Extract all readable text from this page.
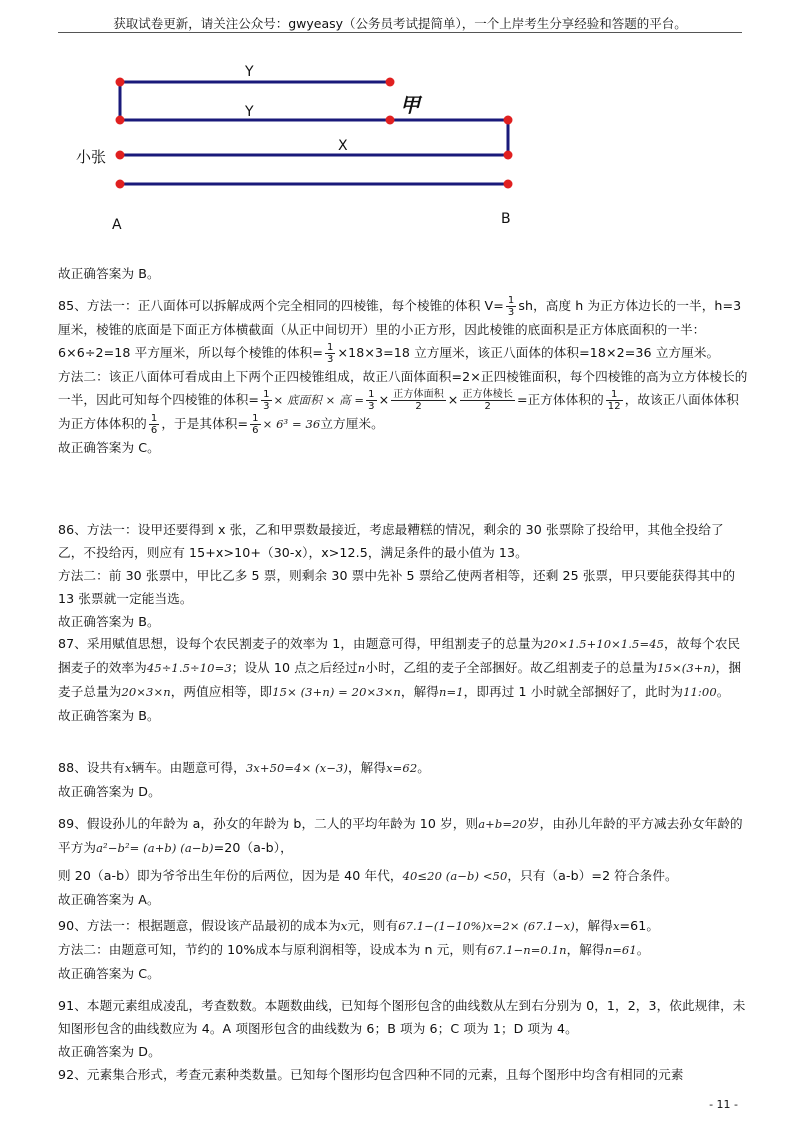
获取试卷更新，请关注公众号：gwyeasy（公务员考试提简单），一个上岸考生分享经验和答题的平台。
Y
Y
X
甲
小张
A	B

故正确答案为 B。

85、方法一：正八面体可以拆解成两个完全相同的四棱锥，每个棱锥的体积 $V= \frac{1}{3}$ sh，高度 h 为正方体边长的一半，h=3 厘米，棱锥的底面是下面正方体横截面（从正中间切开）里的小正方形，因此棱锥的底面积是正方体底面积的一半：6×6÷2=18 平方厘米，所以每个棱锥的体积= $\frac{1}{3} \times 18\times 3=18$ 立方厘米，该正八面体的体积=18×2=36 立方厘米。

方法二：该正八面体可看成由上下两个正四棱锥组成，故正八面体面积=2×正四棱锥面积，每个四棱锥的高为立方体棱长的一半，因此可知每个四棱锥的体积= $\frac{1}{3}$ × 底面积 × 高 = $\frac{1}{3} \times \frac{\text{正方体面积}}{2} \times \frac{\text{正方体棱长}}{2}$ =正方体体积的 $\frac{1}{12}$ ，故该正八面体体积为正方体体积的 $\frac{1}{6}$ ，于是其体积= $\frac{1}{6} \times 6^3 = 36$立方厘米。

故正确答案为 C。

86、方法一：设甲还要得到 x 张，乙和甲票数最接近，考虑最糟糕的情况，剩余的 30 张票除了投给甲，其他全投给了乙，不投给丙，则应有 15+x>10+（30-x），x>12.5，满足条件的最小值为 13。

方法二：前 30 张票中，甲比乙多 5 票，则剩余 30 票中先补 5 票给乙使两者相等，还剩 25 张票，甲只要能获得其中的 13 张票就一定能当选。

故正确答案为 B。

87、采用赋值思想，设每个农民割麦子的效率为 1，由题意可得，甲组割麦子的总量为20×1.5+10×1.5=45，故每个农民捆麦子的效率为45÷1.5÷10=3；设从 10 点之后经过n小时，乙组的麦子全部捆好。故乙组割麦子的总量为15×(3+n)，捆麦子总量为20×3×n，两值应相等，即15× (3+n) = 20×3×n，解得n=1，即再过 1 小时就全部捆好了，此时为11:00。

故正确答案为 B。

88、设共有x辆车。由题意可得，3x+50=4× (x−3)，解得x=62。

故正确答案为 D。

89、假设孙儿的年龄为 a，孙女的年龄为 b，二人的平均年龄为 10 岁，则a+b=20岁，由孙儿年龄的平方减去孙女年龄的平方为a²−b²= (a+b) (a−b)=20（a-b），

则 20（a-b）即为爷爷出生年份的后两位，因为是 40 年代，40≤20 (a−b) <50，只有（a-b）=2 符合条件。

故正确答案为 A。

90、方法一：根据题意，假设该产品最初的成本为x元，则有67.1−(1−10%)x=2× (67.1−x)，解得x=61。

方法二：由题意可知，节约的 10%成本与原利润相等，设成本为 n 元，则有67.1−n=0.1n，解得n=61。

故正确答案为 C。

91、本题元素组成凌乱，考查数数。本题数曲线，已知每个图形包含的曲线数从左到右分别为 0，1，2，3，依此规律，未知图形包含的曲线数应为 4。A 项图形包含的曲线数为 6；B 项为 6；C 项为 1；D 项为 4。

故正确答案为 D。

92、元素集合形式，考查元素种类数量。已知每个图形均包含四种不同的元素，且每个图形中均含有相同的元素

- 11 -
